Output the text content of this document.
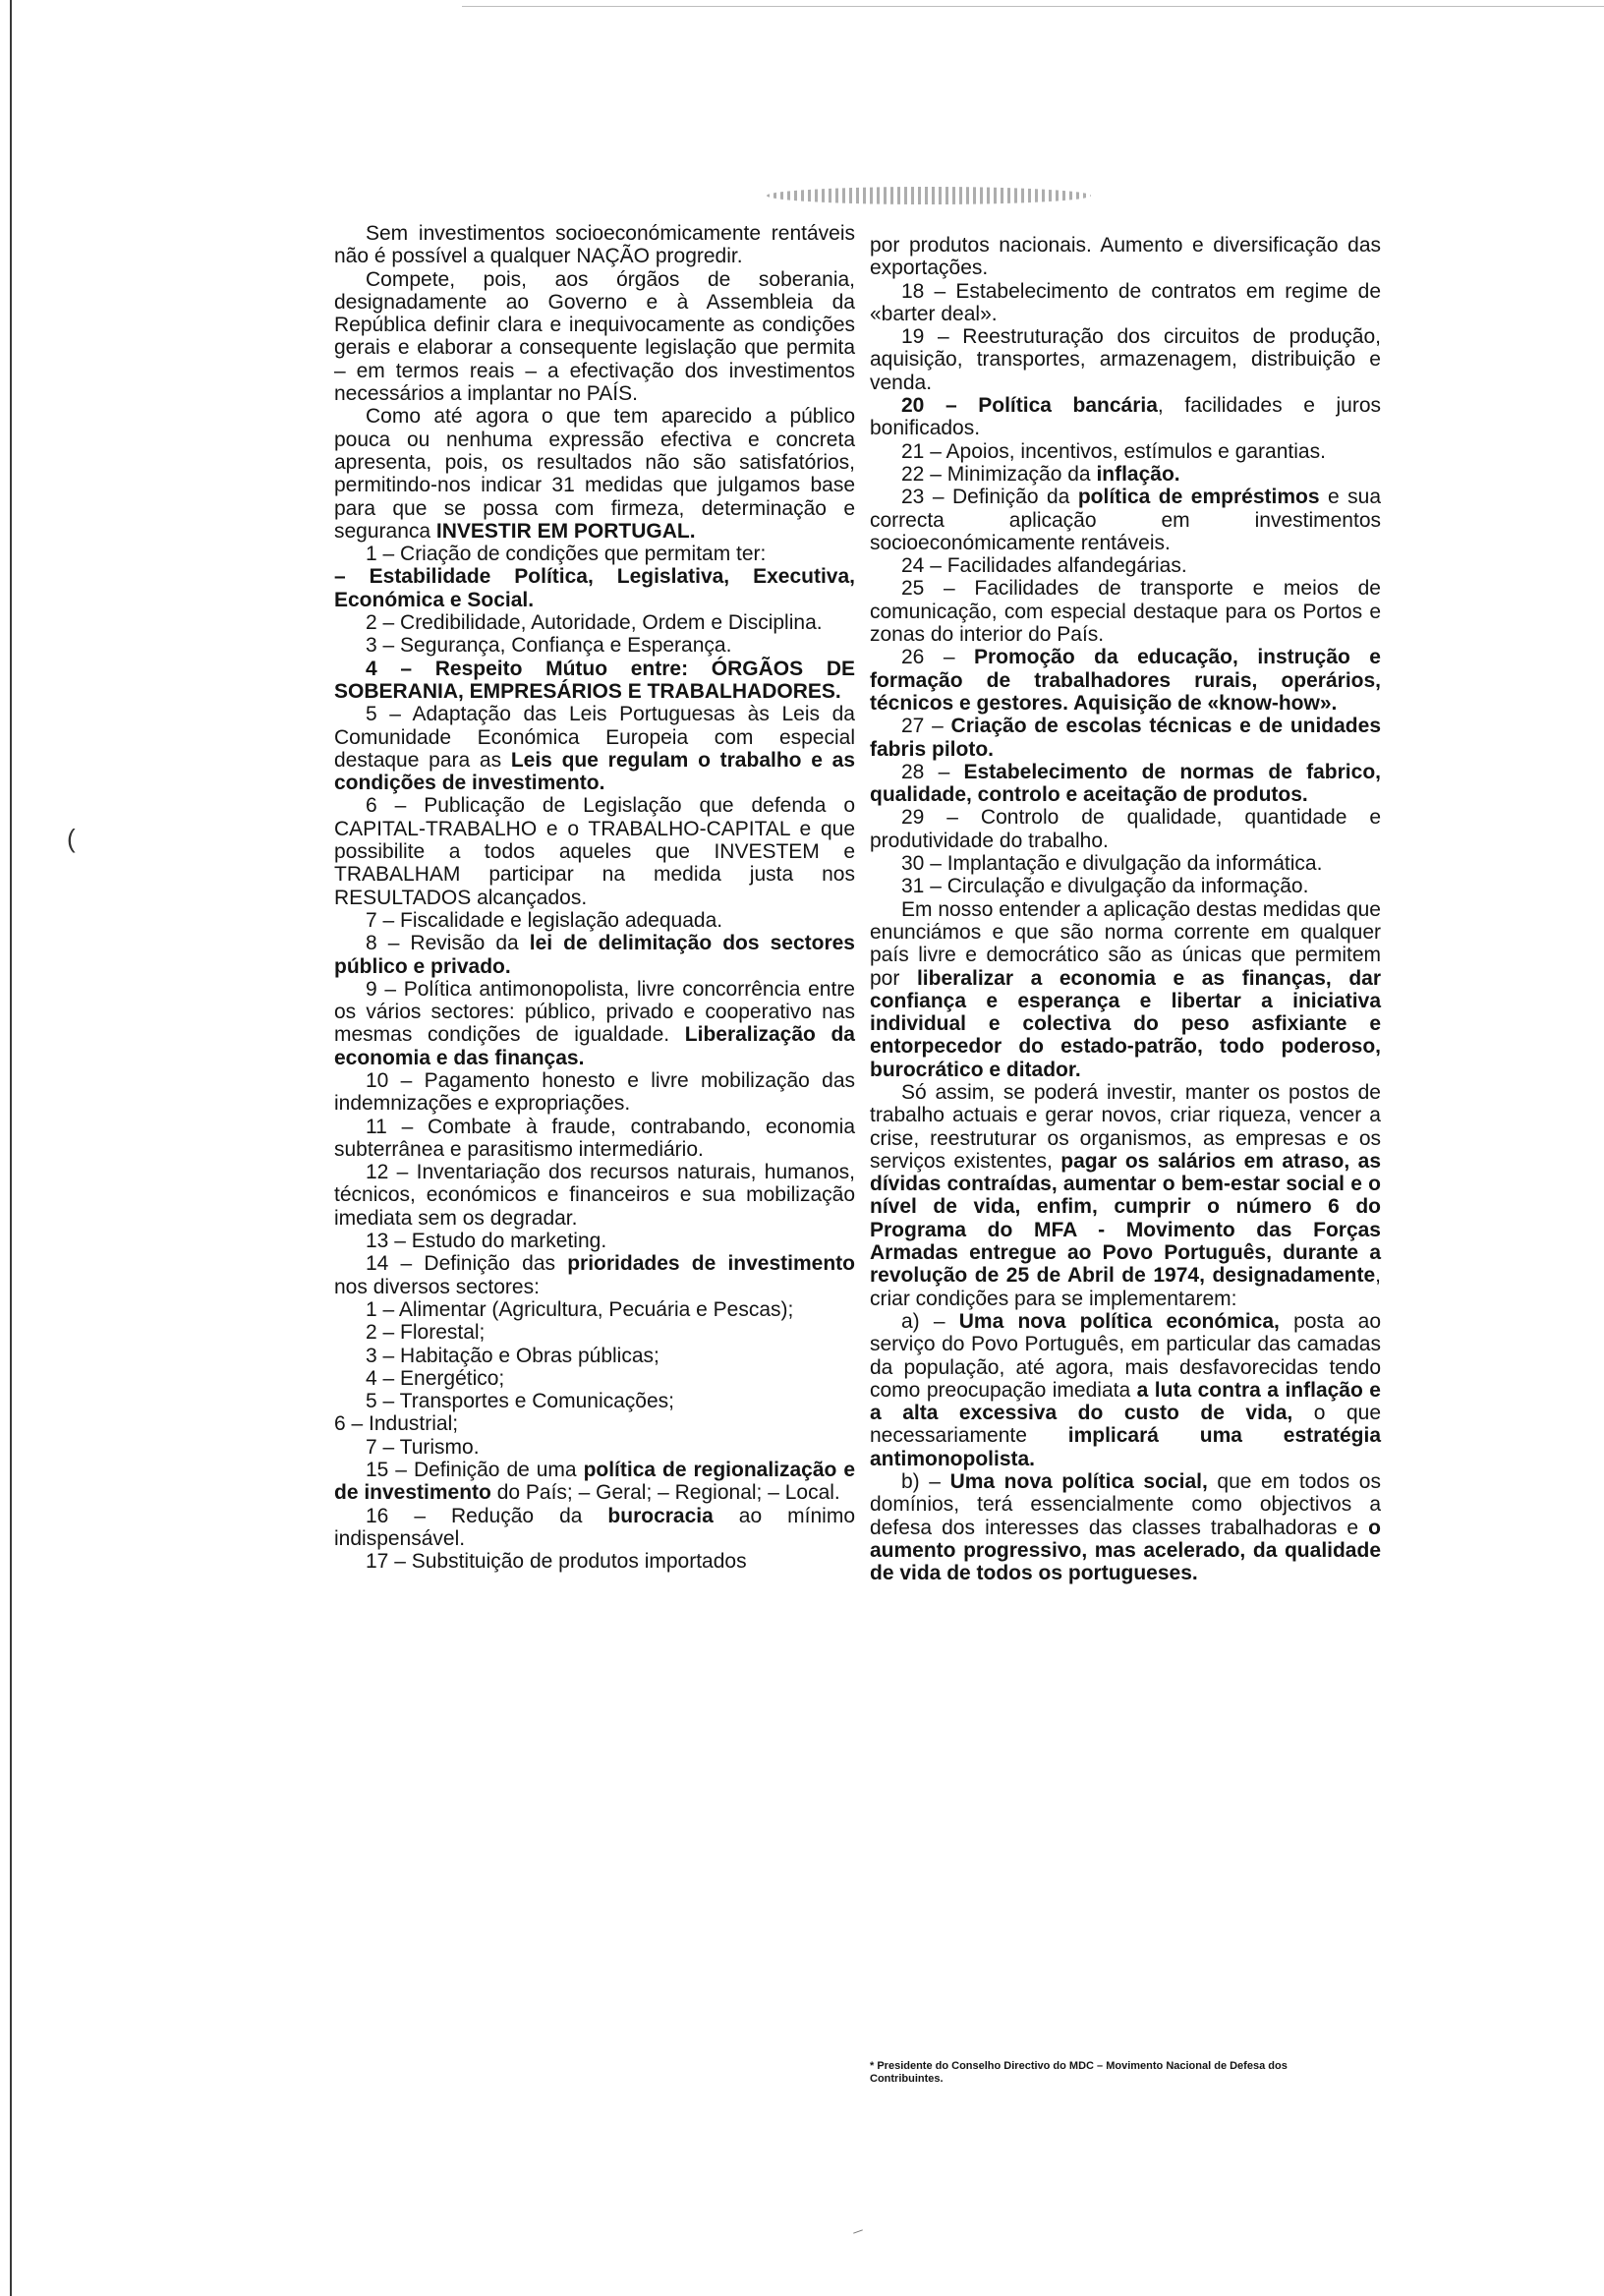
(

Sem investimentos socioeconómicamente rentáveis não é possível a qualquer NAÇÃO progredir.

Compete, pois, aos órgãos de soberania, designadamente ao Governo e à Assembleia da República definir clara e inequivocamente as condições gerais e elaborar a consequente legislação que permita – em termos reais – a efectivação dos investimentos necessários a implantar no PAÍS.

Como até agora o que tem aparecido a público pouca ou nenhuma expressão efectiva e concreta apresenta, pois, os resultados não são satisfatórios, permitindo-nos indicar 31 medidas que julgamos base para que se possa com firmeza, determinação e seguranca INVESTIR EM PORTUGAL.

1 – Criação de condições que permitam ter:

– Estabilidade Política, Legislativa, Executiva, Económica e Social.

2 – Credibilidade, Autoridade, Ordem e Disciplina.

3 – Segurança, Confiança e Esperança.

4 – Respeito Mútuo entre: ÓRGÃOS DE SOBERANIA, EMPRESÁRIOS E TRABALHADORES.

5 – Adaptação das Leis Portuguesas às Leis da Comunidade Económica Europeia com especial destaque para as Leis que regulam o trabalho e as condições de investimento.

6 – Publicação de Legislação que defenda o CAPITAL-TRABALHO e o TRABALHO-CAPITAL e que possibilite a todos aqueles que INVESTEM e TRABALHAM participar na medida justa nos RESULTADOS alcançados.

7 – Fiscalidade e legislação adequada.

8 – Revisão da lei de delimitação dos sectores público e privado.

9 – Política antimonopolista, livre concorrência entre os vários sectores: público, privado e cooperativo nas mesmas condições de igualdade. Liberalização da economia e das finanças.

10 – Pagamento honesto e livre mobilização das indemnizações e expropriações.

11 – Combate à fraude, contrabando, economia subterrânea e parasitismo intermediário.

12 – Inventariação dos recursos naturais, humanos, técnicos, económicos e financeiros e sua mobilização imediata sem os degradar.

13 – Estudo do marketing.

14 – Definição das prioridades de investimento nos diversos sectores:

1 – Alimentar (Agricultura, Pecuária e Pescas);

2 – Florestal;

3 – Habitação e Obras públicas;

4 – Energético;

5 – Transportes e Comunicações;

6 – Industrial;

7 – Turismo.

15 – Definição de uma política de regionalização e de investimento do País; – Geral; – Regional; – Local.

16 – Redução da burocracia ao mínimo indispensável.

17 – Substituição de produtos importados

por produtos nacionais. Aumento e diversificação das exportações.

18 – Estabelecimento de contratos em regime de «barter deal».

19 – Reestruturação dos circuitos de produção, aquisição, transportes, armazenagem, distribuição e venda.

20 – Política bancária, facilidades e juros bonificados.

21 – Apoios, incentivos, estímulos e garantias.

22 – Minimização da inflação.

23 – Definição da política de empréstimos e sua correcta aplicação em investimentos socioeconómicamente rentáveis.

24 – Facilidades alfandegárias.

25 – Facilidades de transporte e meios de comunicação, com especial destaque para os Portos e zonas do interior do País.

26 – Promoção da educação, instrução e formação de trabalhadores rurais, operários, técnicos e gestores. Aquisição de «know-how».

27 – Criação de escolas técnicas e de unidades fabris piloto.

28 – Estabelecimento de normas de fabrico, qualidade, controlo e aceitação de produtos.

29 – Controlo de qualidade, quantidade e produtividade do trabalho.

30 – Implantação e divulgação da informática.

31 – Circulação e divulgação da informação.

Em nosso entender a aplicação destas medidas que enunciámos e que são norma corrente em qualquer país livre e democrático são as únicas que permitem por liberalizar a economia e as finanças, dar confiança e esperança e libertar a iniciativa individual e colectiva do peso asfixiante e entorpecedor do estado-patrão, todo poderoso, burocrático e ditador.

Só assim, se poderá investir, manter os postos de trabalho actuais e gerar novos, criar riqueza, vencer a crise, reestruturar os organismos, as empresas e os serviços existentes, pagar os salários em atraso, as dívidas contraídas, aumentar o bem-estar social e o nível de vida, enfim, cumprir o número 6 do Programa do MFA - Movimento das Forças Armadas entregue ao Povo Português, durante a revolução de 25 de Abril de 1974, designadamente, criar condições para se implementarem:

a) – Uma nova política económica, posta ao serviço do Povo Português, em particular das camadas da população, até agora, mais desfavorecidas tendo como preocupação imediata a luta contra a inflação e a alta excessiva do custo de vida, o que necessariamente implicará uma estratégia antimonopolista.

b) – Uma nova política social, que em todos os domínios, terá essencialmente como objectivos a defesa dos interesses das classes trabalhadoras e o aumento progressivo, mas acelerado, da qualidade de vida de todos os portugueses.

* Presidente do Conselho Directivo do MDC – Movimento Nacional de Defesa dos Contribuintes.
